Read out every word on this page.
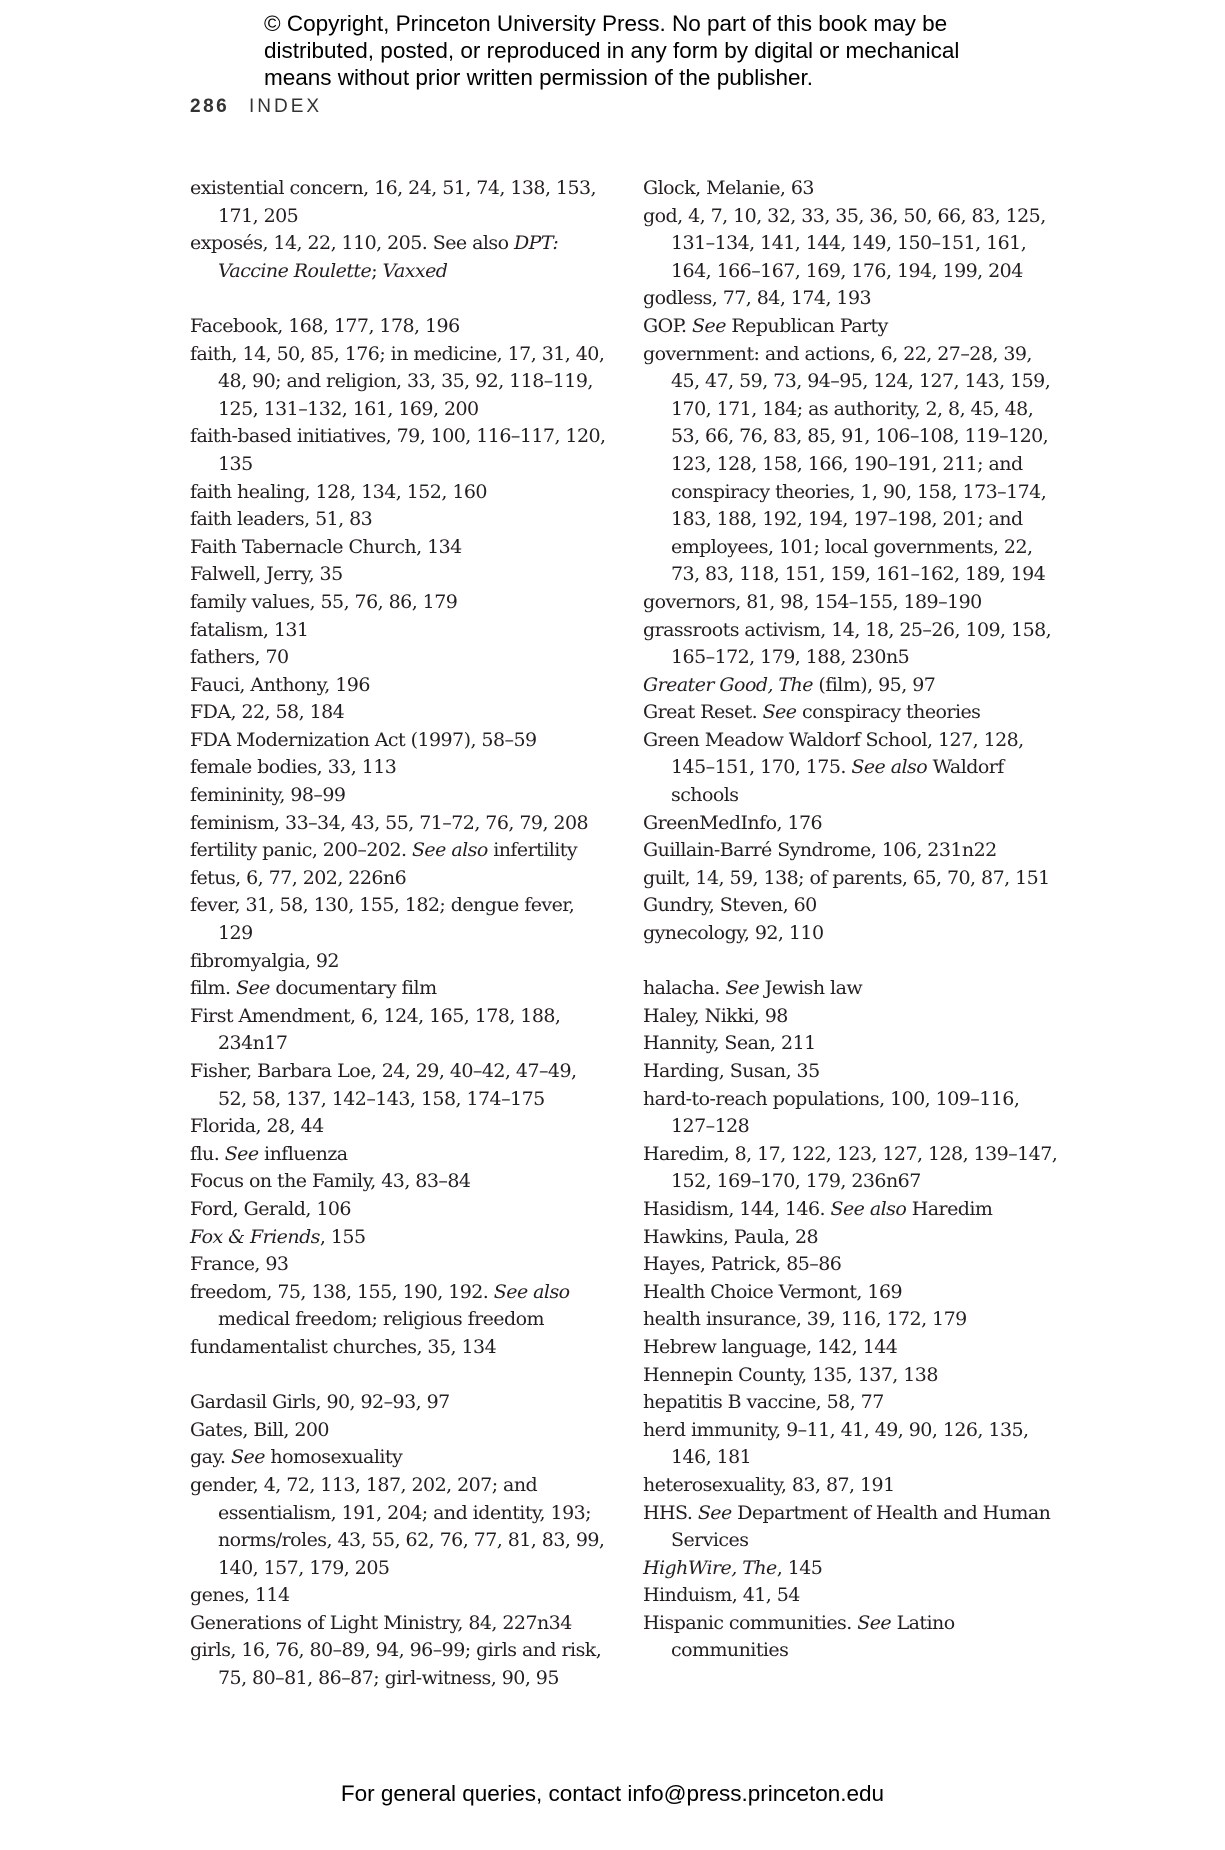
© Copyright, Princeton University Press. No part of this book may be
distributed, posted, or reproduced in any form by digital or mechanical
means without prior written permission of the publisher.
286 INDEX
existential concern, 16, 24, 51, 74, 138, 153, 171, 205
exposés, 14, 22, 110, 205. See also DPT: Vaccine Roulette; Vaxxed
Facebook, 168, 177, 178, 196
faith, 14, 50, 85, 176; in medicine, 17, 31, 40, 48, 90; and religion, 33, 35, 92, 118–119, 125, 131–132, 161, 169, 200
faith-based initiatives, 79, 100, 116–117, 120, 135
faith healing, 128, 134, 152, 160
faith leaders, 51, 83
Faith Tabernacle Church, 134
Falwell, Jerry, 35
family values, 55, 76, 86, 179
fatalism, 131
fathers, 70
Fauci, Anthony, 196
FDA, 22, 58, 184
FDA Modernization Act (1997), 58–59
female bodies, 33, 113
femininity, 98–99
feminism, 33–34, 43, 55, 71–72, 76, 79, 208
fertility panic, 200–202. See also infertility
fetus, 6, 77, 202, 226n6
fever, 31, 58, 130, 155, 182; dengue fever, 129
fibromyalgia, 92
film. See documentary film
First Amendment, 6, 124, 165, 178, 188, 234n17
Fisher, Barbara Loe, 24, 29, 40–42, 47–49, 52, 58, 137, 142–143, 158, 174–175
Florida, 28, 44
flu. See influenza
Focus on the Family, 43, 83–84
Ford, Gerald, 106
Fox & Friends, 155
France, 93
freedom, 75, 138, 155, 190, 192. See also medical freedom; religious freedom
fundamentalist churches, 35, 134
Gardasil Girls, 90, 92–93, 97
Gates, Bill, 200
gay. See homosexuality
gender, 4, 72, 113, 187, 202, 207; and essentialism, 191, 204; and identity, 193; norms/roles, 43, 55, 62, 76, 77, 81, 83, 99, 140, 157, 179, 205
genes, 114
Generations of Light Ministry, 84, 227n34
girls, 16, 76, 80–89, 94, 96–99; girls and risk, 75, 80–81, 86–87; girl-witness, 90, 95
Glock, Melanie, 63
god, 4, 7, 10, 32, 33, 35, 36, 50, 66, 83, 125, 131–134, 141, 144, 149, 150–151, 161, 164, 166–167, 169, 176, 194, 199, 204
godless, 77, 84, 174, 193
GOP. See Republican Party
government: and actions, 6, 22, 27–28, 39, 45, 47, 59, 73, 94–95, 124, 127, 143, 159, 170, 171, 184; as authority, 2, 8, 45, 48, 53, 66, 76, 83, 85, 91, 106–108, 119–120, 123, 128, 158, 166, 190–191, 211; and conspiracy theories, 1, 90, 158, 173–174, 183, 188, 192, 194, 197–198, 201; and employees, 101; local governments, 22, 73, 83, 118, 151, 159, 161–162, 189, 194
governors, 81, 98, 154–155, 189–190
grassroots activism, 14, 18, 25–26, 109, 158, 165–172, 179, 188, 230n5
Greater Good, The (film), 95, 97
Great Reset. See conspiracy theories
Green Meadow Waldorf School, 127, 128, 145–151, 170, 175. See also Waldorf schools
GreenMedInfo, 176
Guillain-Barré Syndrome, 106, 231n22
guilt, 14, 59, 138; of parents, 65, 70, 87, 151
Gundry, Steven, 60
gynecology, 92, 110
halacha. See Jewish law
Haley, Nikki, 98
Hannity, Sean, 211
Harding, Susan, 35
hard-to-reach populations, 100, 109–116, 127–128
Haredim, 8, 17, 122, 123, 127, 128, 139–147, 152, 169–170, 179, 236n67
Hasidism, 144, 146. See also Haredim
Hawkins, Paula, 28
Hayes, Patrick, 85–86
Health Choice Vermont, 169
health insurance, 39, 116, 172, 179
Hebrew language, 142, 144
Hennepin County, 135, 137, 138
hepatitis B vaccine, 58, 77
herd immunity, 9–11, 41, 49, 90, 126, 135, 146, 181
heterosexuality, 83, 87, 191
HHS. See Department of Health and Human Services
HighWire, The, 145
Hinduism, 41, 54
Hispanic communities. See Latino communities
For general queries, contact info@press.princeton.edu
